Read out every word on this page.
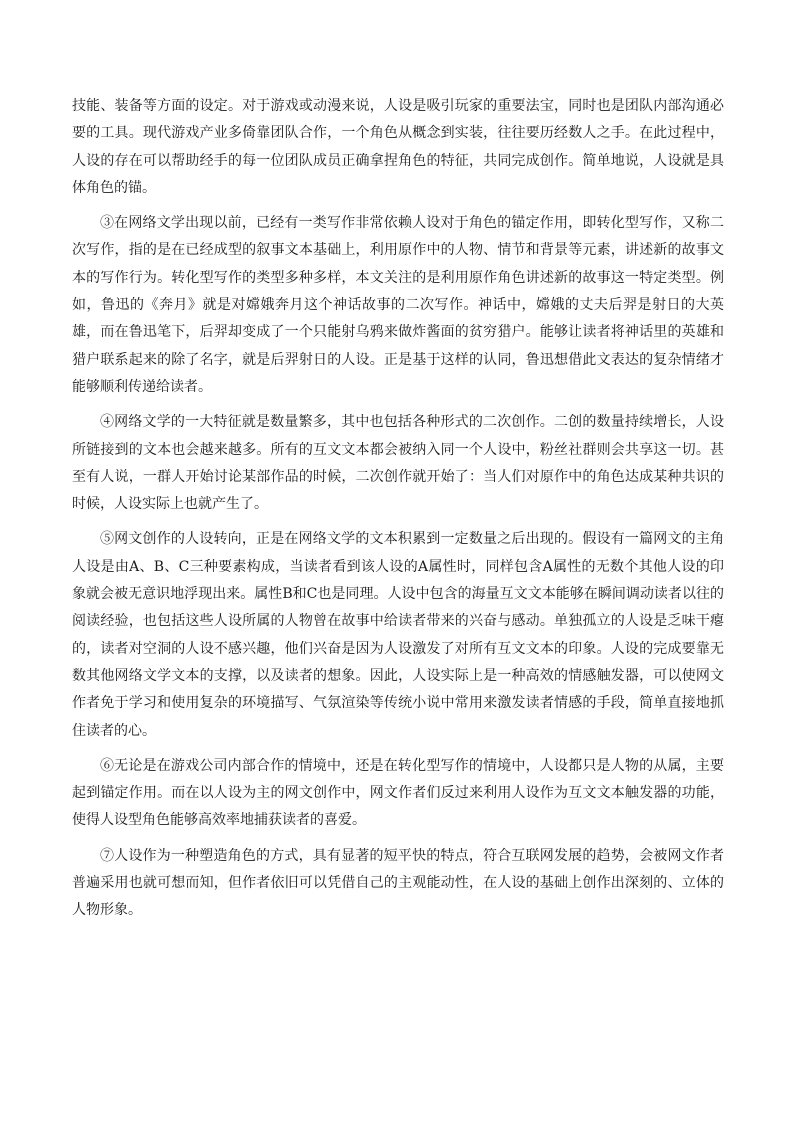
技能、装备等方面的设定。对于游戏或动漫来说，人设是吸引玩家的重要法宝，同时也是团队内部沟通必要的工具。现代游戏产业多倚靠团队合作，一个角色从概念到实装，往往要历经数人之手。在此过程中，人设的存在可以帮助经手的每一位团队成员正确拿捏角色的特征，共同完成创作。简单地说，人设就是具体角色的锚。

③在网络文学出现以前，已经有一类写作非常依赖人设对于角色的锚定作用，即转化型写作，又称二次写作，指的是在已经成型的叙事文本基础上，利用原作中的人物、情节和背景等元素，讲述新的故事文本的写作行为。转化型写作的类型多种多样，本文关注的是利用原作角色讲述新的故事这一特定类型。例如，鲁迅的《奔月》就是对嫦娥奔月这个神话故事的二次写作。神话中，嫦娥的丈夫后羿是射日的大英雄，而在鲁迅笔下，后羿却变成了一个只能射乌鸦来做炸酱面的贫穷猎户。能够让读者将神话里的英雄和猎户联系起来的除了名字，就是后羿射日的人设。正是基于这样的认同，鲁迅想借此文表达的复杂情绪才能够顺利传递给读者。

④网络文学的一大特征就是数量繁多，其中也包括各种形式的二次创作。二创的数量持续增长，人设所链接到的文本也会越来越多。所有的互文文本都会被纳入同一个人设中，粉丝社群则会共享这一切。甚至有人说，一群人开始讨论某部作品的时候，二次创作就开始了：当人们对原作中的角色达成某种共识的时候，人设实际上也就产生了。

⑤网文创作的人设转向，正是在网络文学的文本积累到一定数量之后出现的。假设有一篇网文的主角人设是由A、B、C三种要素构成，当读者看到该人设的A属性时，同样包含A属性的无数个其他人设的印象就会被无意识地浮现出来。属性B和C也是同理。人设中包含的海量互文文本能够在瞬间调动读者以往的阅读经验，也包括这些人设所属的人物曾在故事中给读者带来的兴奋与感动。单独孤立的人设是乏味干瘪的，读者对空洞的人设不感兴趣，他们兴奋是因为人设激发了对所有互文文本的印象。人设的完成要靠无数其他网络文学文本的支撑，以及读者的想象。因此，人设实际上是一种高效的情感触发器，可以使网文作者免于学习和使用复杂的环境描写、气氛渲染等传统小说中常用来激发读者情感的手段，简单直接地抓住读者的心。

⑥无论是在游戏公司内部合作的情境中，还是在转化型写作的情境中，人设都只是人物的从属，主要起到锚定作用。而在以人设为主的网文创作中，网文作者们反过来利用人设作为互文文本触发器的功能，使得人设型角色能够高效率地捕获读者的喜爱。

⑦人设作为一种塑造角色的方式，具有显著的短平快的特点，符合互联网发展的趋势，会被网文作者普遍采用也就可想而知，但作者依旧可以凭借自己的主观能动性，在人设的基础上创作出深刻的、立体的人物形象。
